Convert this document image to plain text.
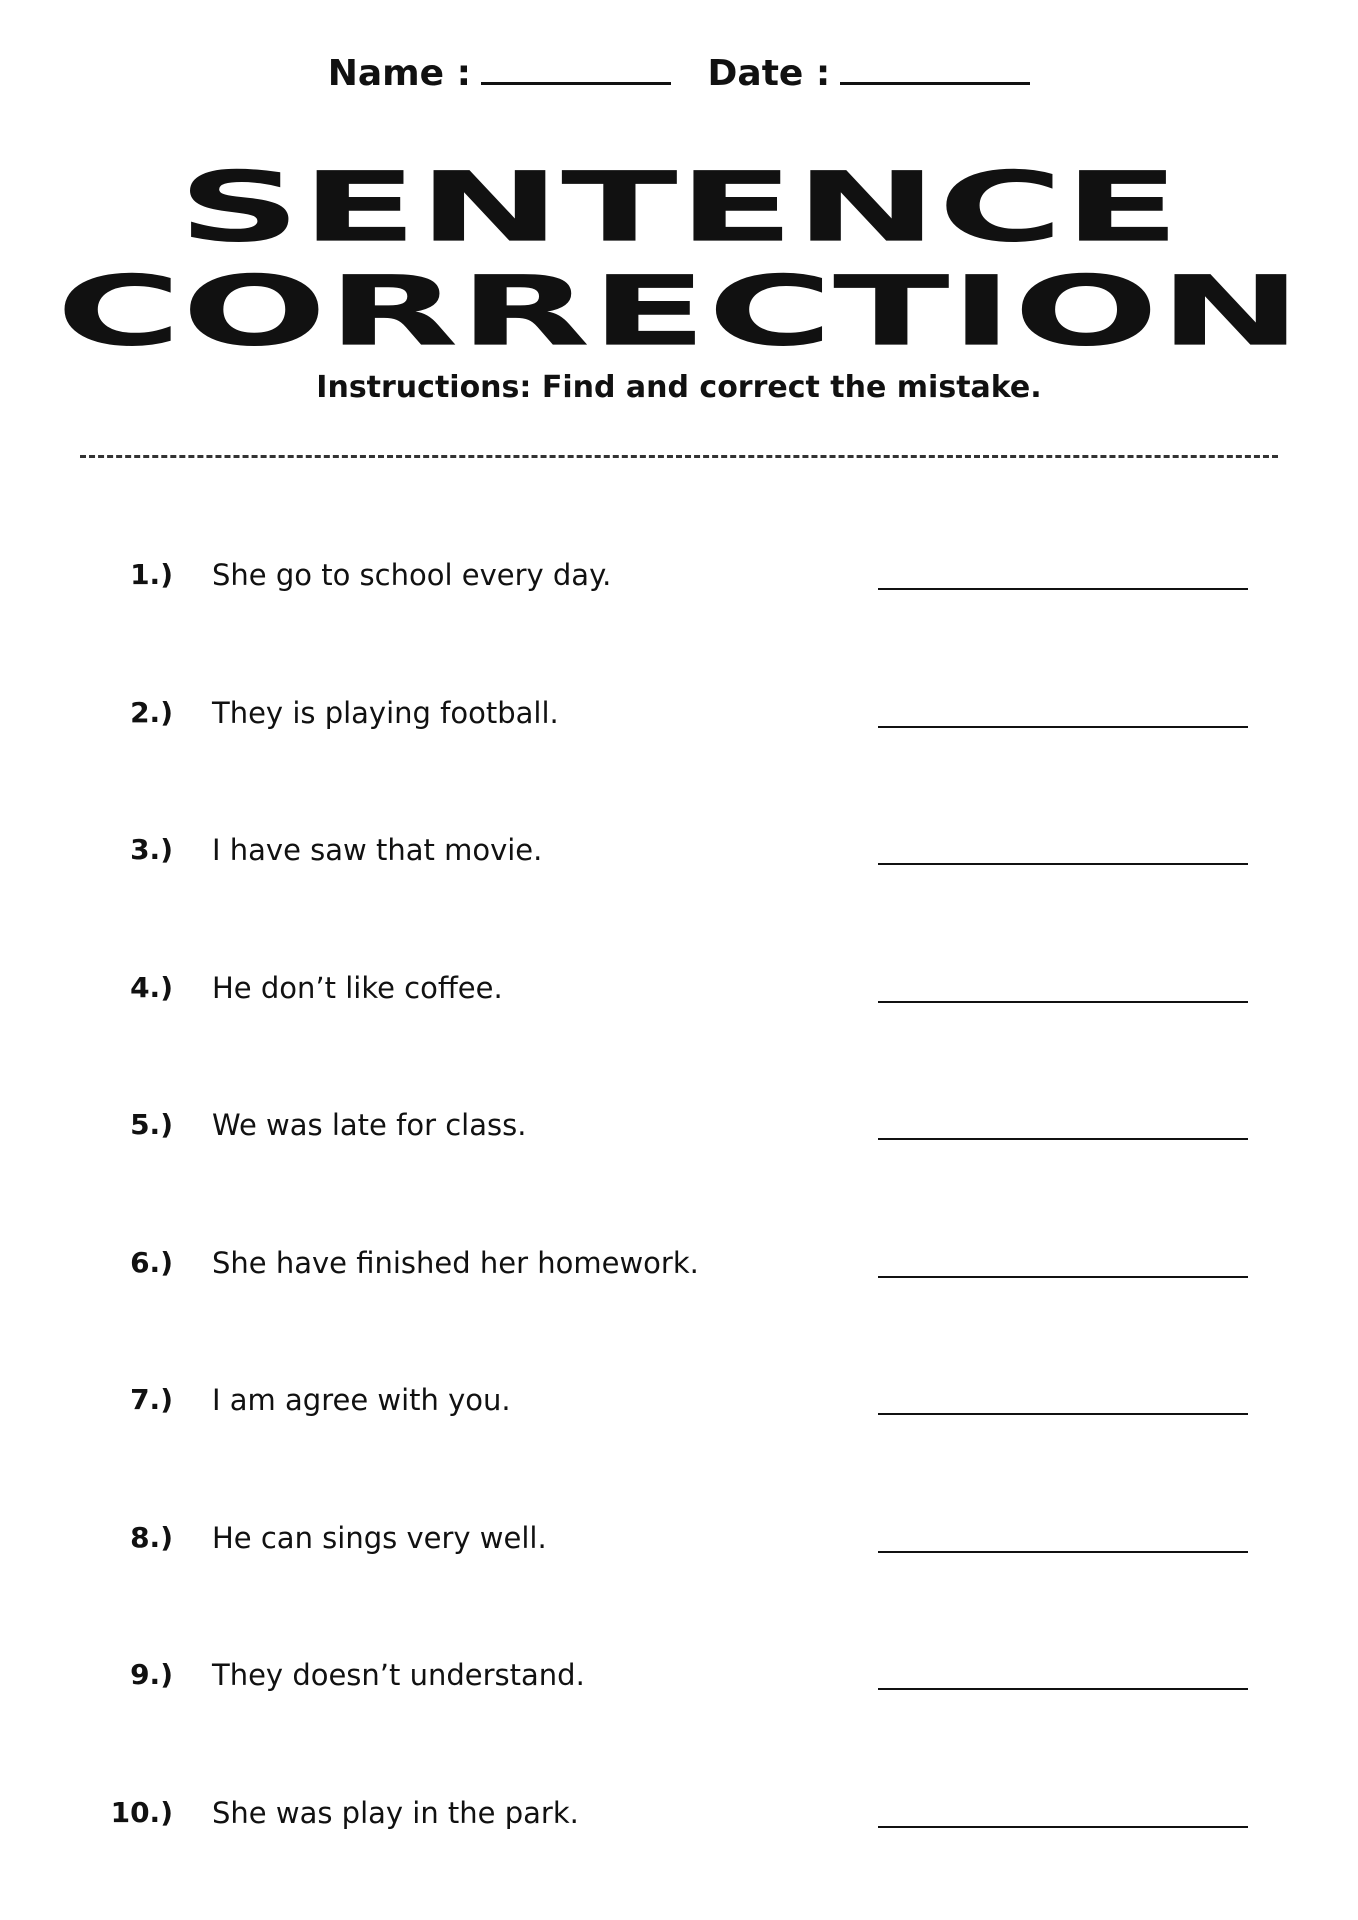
Name :	Date :
SENTENCE
CORRECTION
Instructions: Find and correct the mistake.
1.) She go to school every day.
2.) They is playing football.
3.) I have saw that movie.
4.) He don’t like coffee.
5.) We was late for class.
6.) She have finished her homework.
7.) I am agree with you.
8.) He can sings very well.
9.) They doesn’t understand.
10.) She was play in the park.
